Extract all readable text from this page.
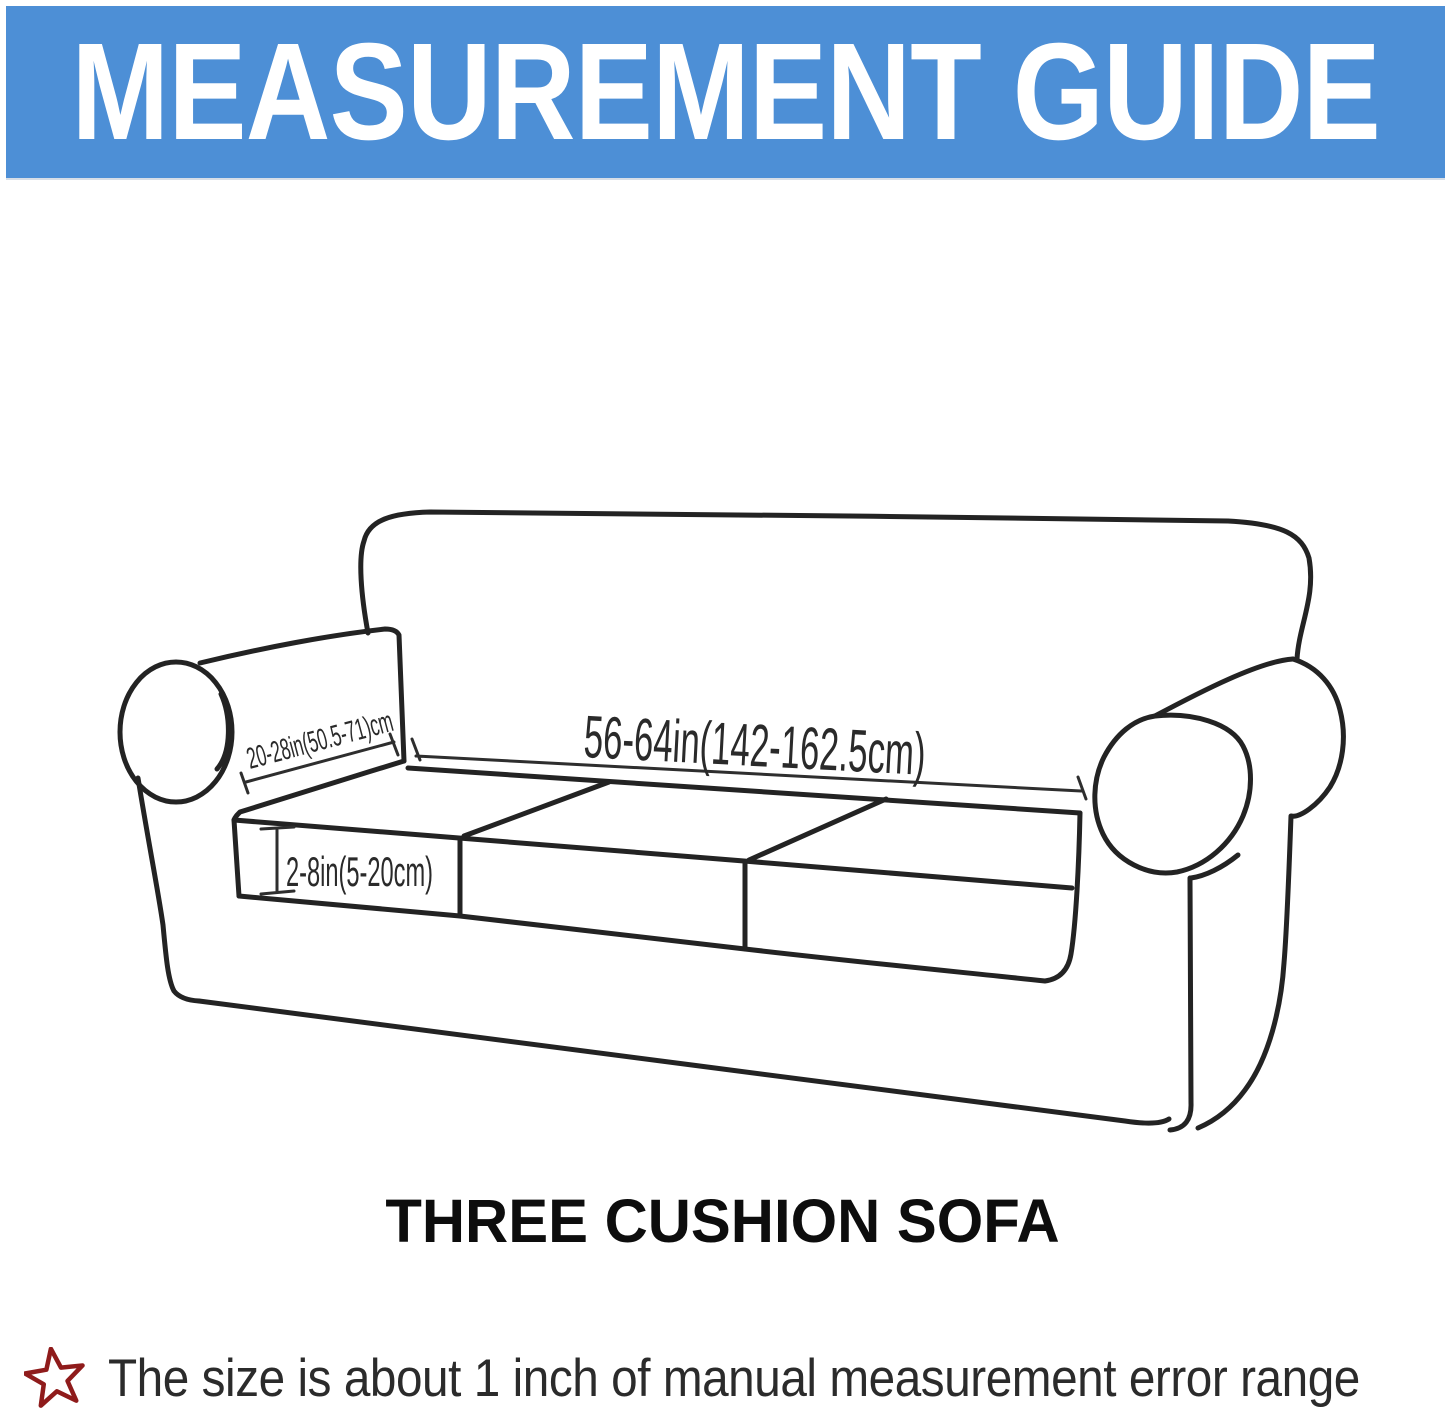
MEASUREMENT GUIDE
20-28in(50.5-71)cm 56-64in(142-162.5cm)
2-8in(5-20cm)
THREE CUSHION SOFA
The size is about 1 inch of manual measurement error range
